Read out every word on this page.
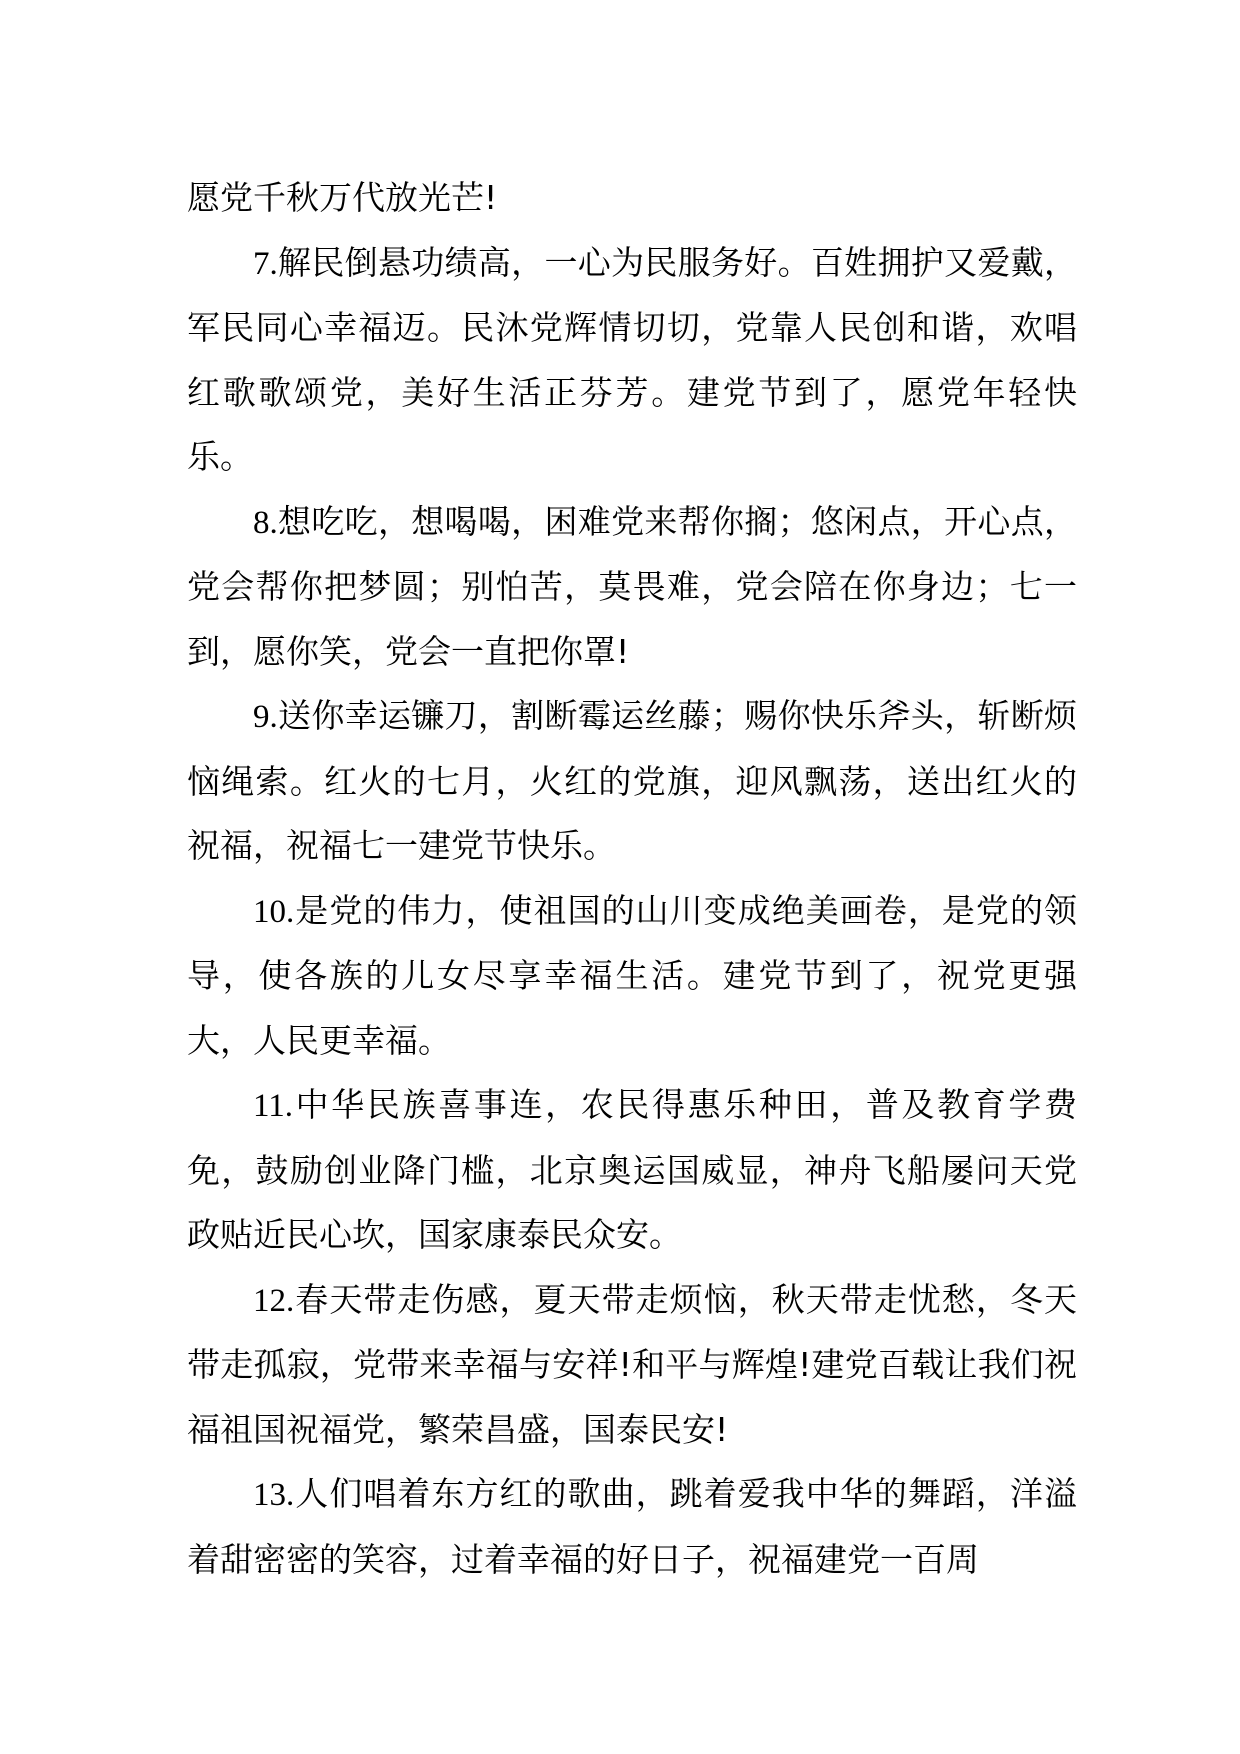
愿党千秋万代放光芒!

7.解民倒悬功绩高，一心为民服务好。百姓拥护又爱戴，军民同心幸福迈。民沐党辉情切切，党靠人民创和谐，欢唱红歌歌颂党，美好生活正芬芳。建党节到了，愿党年轻快乐。

8.想吃吃，想喝喝，困难党来帮你搁；悠闲点，开心点，党会帮你把梦圆；别怕苦，莫畏难，党会陪在你身边；七一到，愿你笑，党会一直把你罩!

9.送你幸运镰刀，割断霉运丝藤；赐你快乐斧头，斩断烦恼绳索。红火的七月，火红的党旗，迎风飘荡，送出红火的祝福，祝福七一建党节快乐。

10.是党的伟力，使祖国的山川变成绝美画卷，是党的领导，使各族的儿女尽享幸福生活。建党节到了，祝党更强大，人民更幸福。

11.中华民族喜事连，农民得惠乐种田，普及教育学费免，鼓励创业降门槛，北京奥运国威显，神舟飞船屡问天党政贴近民心坎，国家康泰民众安。

12.春天带走伤感，夏天带走烦恼，秋天带走忧愁，冬天带走孤寂，党带来幸福与安祥!和平与辉煌!建党百载让我们祝福祖国祝福党，繁荣昌盛，国泰民安!

13.人们唱着东方红的歌曲，跳着爱我中华的舞蹈，洋溢着甜密密的笑容，过着幸福的好日子，祝福建党一百周
